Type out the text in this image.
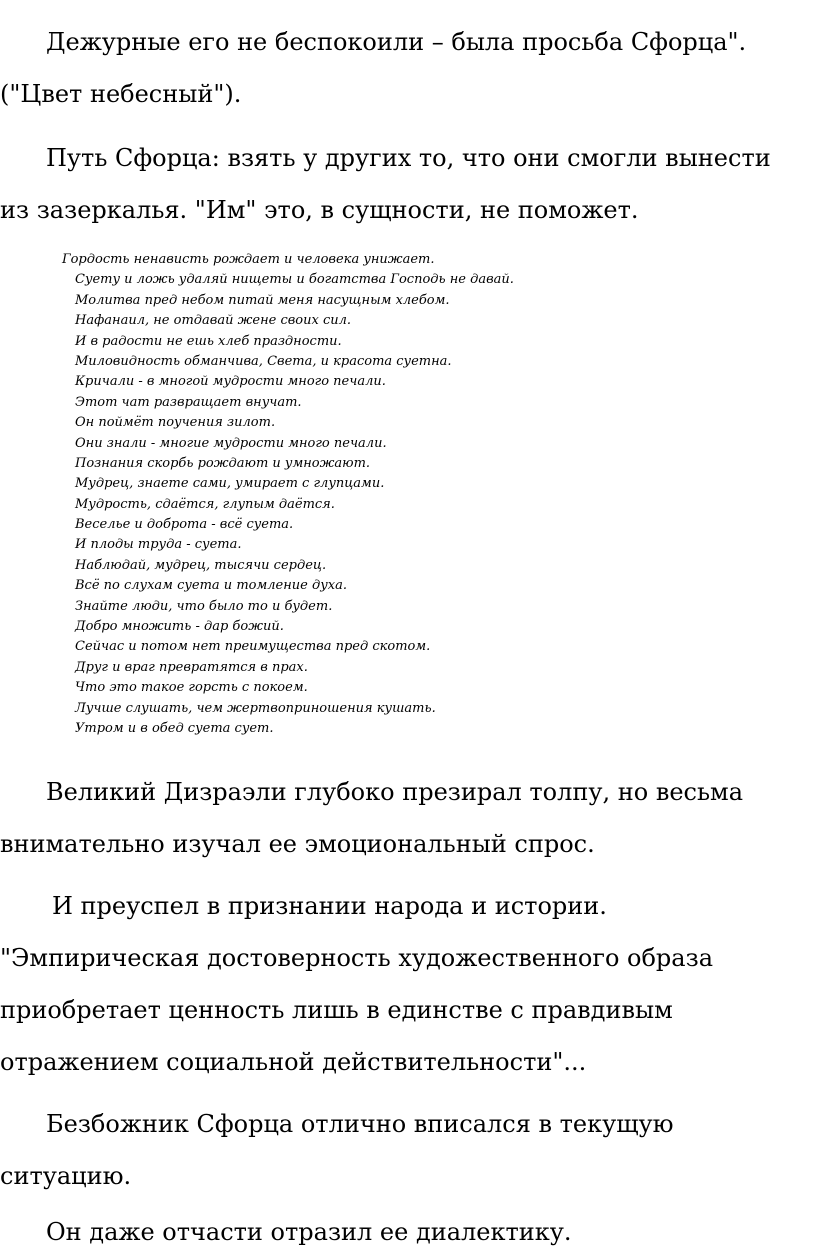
Дежурные его не беспокоили – была просьба Сфорца".
("Цвет небесный").

Путь Сфорца: взять у других то, что они смогли вынести
из зазеркалья. "Им" это, в сущности, не поможет.

Гордость ненависть рождает и человека унижает.
Суету и ложь удаляй нищеты и богатства Господь не давай.
Молитва пред небом питай меня насущным хлебом.
Нафанаил, не отдавай жене своих сил.
И в радости не ешь хлеб праздности.
Миловидность обманчива, Света, и красота суетна.
Кричали - в многой мудрости много печали.
Этот чат развращает внучат.
Он поймёт поучения зилот.
Они знали - многие мудрости много печали.
Познания скорбь рождают и умножают.
Мудрец, знаете сами, умирает с глупцами.
Мудрость, сдаётся, глупым даётся.
Веселье и доброта - всё суета.
И плоды труда - суета.
Наблюдай, мудрец, тысячи сердец.
Всё по слухам суета и томление духа.
Знайте люди, что было то и будет.
Добро множить - дар божий.
Сейчас и потом нет преимущества пред скотом.
Друг и враг превратятся в прах.
Что это такое горсть с покоем.
Лучше слушать, чем жертвоприношения кушать.
Утром и в обед суета сует.

Великий Дизраэли глубоко презирал толпу, но весьма
внимательно изучал ее эмоциональный спрос.

И преуспел в признании народа и истории.
"Эмпирическая достоверность художественного образа
приобретает ценность лишь в единстве с правдивым
отражением социальной действительности"...

Безбожник Сфорца отлично вписался в текущую
ситуацию.

Он даже отчасти отразил ее диалектику.
